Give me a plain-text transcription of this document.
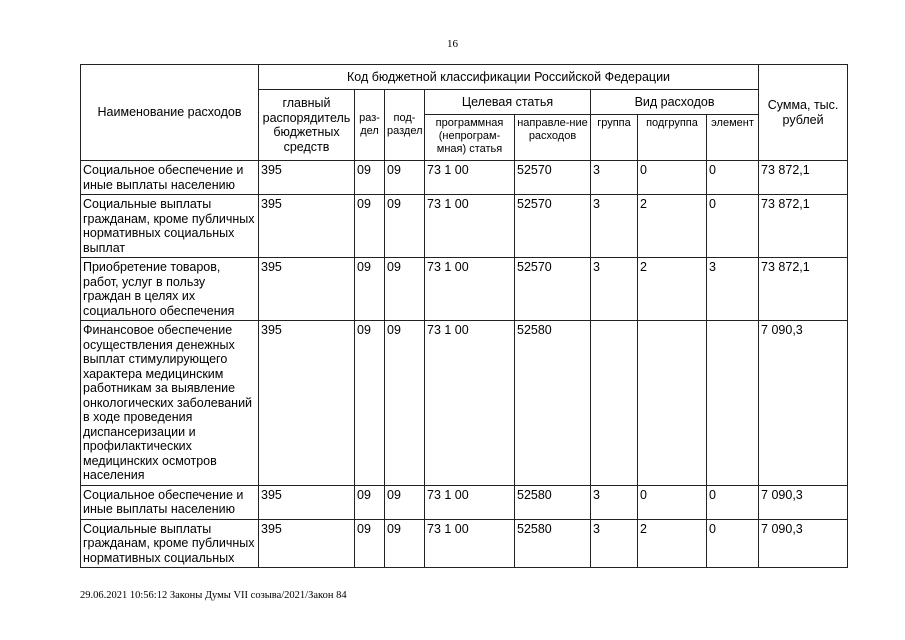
16
Наименование расходов	Код бюджетной классификации Российской Федерации								Сумма, тыс. рублей
	главный распорядитель бюджетных средств	раз-дел	под-раздел	Целевая статья		Вид расходов			
				программная (непрограм-мная) статья	направле-ние расходов	группа	подгруппа	элемент	
Социальное обеспечение и иные выплаты населению	395	09	09	73 1 00	52570	3	0	0	73 872,1
Социальные выплаты гражданам, кроме публичных нормативных социальных выплат	395	09	09	73 1 00	52570	3	2	0	73 872,1
Приобретение товаров, работ, услуг в пользу граждан в целях их социального обеспечения	395	09	09	73 1 00	52570	3	2	3	73 872,1
Финансовое обеспечение осуществления денежных выплат стимулирующего характера медицинским работникам за выявление онкологических заболеваний в ходе проведения диспансеризации и профилактических медицинских осмотров населения	395	09	09	73 1 00	52580				7 090,3
Социальное обеспечение и иные выплаты населению	395	09	09	73 1 00	52580	3	0	0	7 090,3
Социальные выплаты гражданам, кроме публичных нормативных социальных	395	09	09	73 1 00	52580	3	2	0	7 090,3
29.06.2021 10:56:12 Законы Думы VII созыва/2021/Закон 84
